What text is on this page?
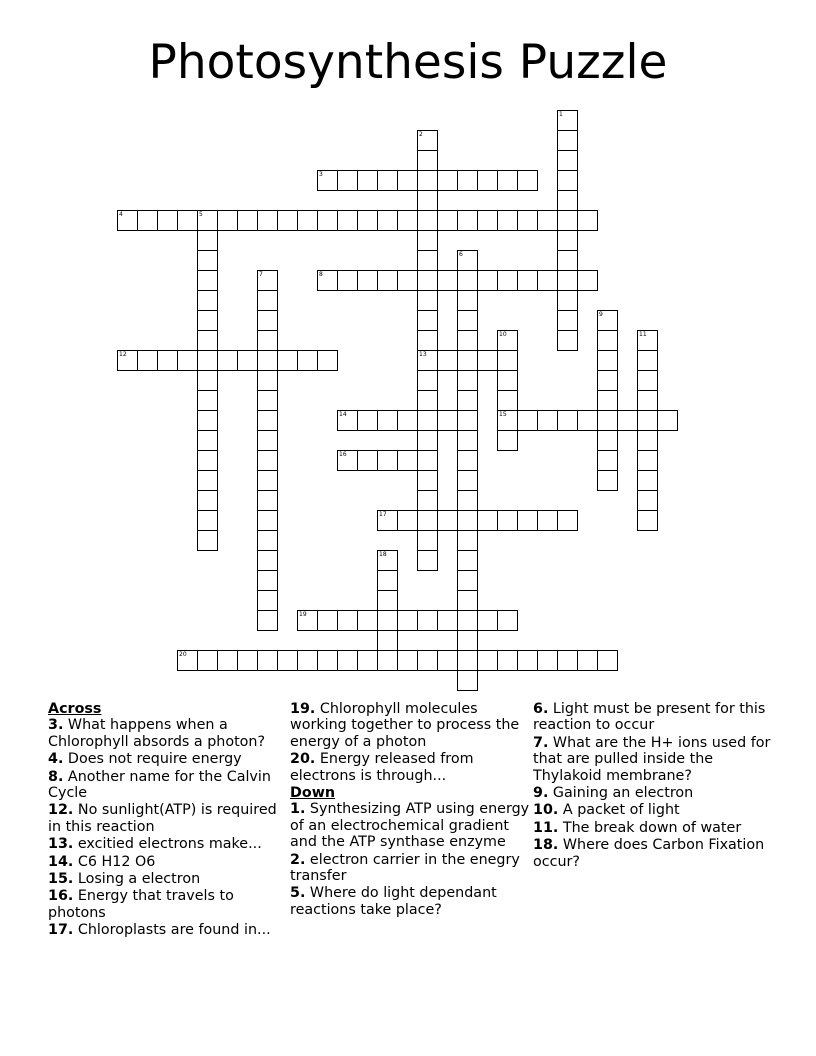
Photosynthesis Puzzle
1
2
13
3
4	5
6
7	8
9
10
15
11
12
14
16
17
18
19
20
Across
3. What happens when a Chlorophyll absords a photon?
4. Does not require energy
8. Another name for the Calvin Cycle
12. No sunlight(ATP) is required in this reaction
13. excitied electrons make...
14. C6 H12 O6
15. Losing a electron
16. Energy that travels to photons
17. Chloroplasts are found in...
19. Chlorophyll molecules working together to process the energy of a photon
20. Energy released from electrons is through...
Down
1. Synthesizing ATP using energy of an electrochemical gradient and the ATP synthase enzyme
2. electron carrier in the enegry transfer
5. Where do light dependant reactions take place?
6. Light must be present for this reaction to occur
7. What are the H+ ions used for that are pulled inside the Thylakoid membrane?
9. Gaining an electron
10. A packet of light
11. The break down of water
18. Where does Carbon Fixation occur?
